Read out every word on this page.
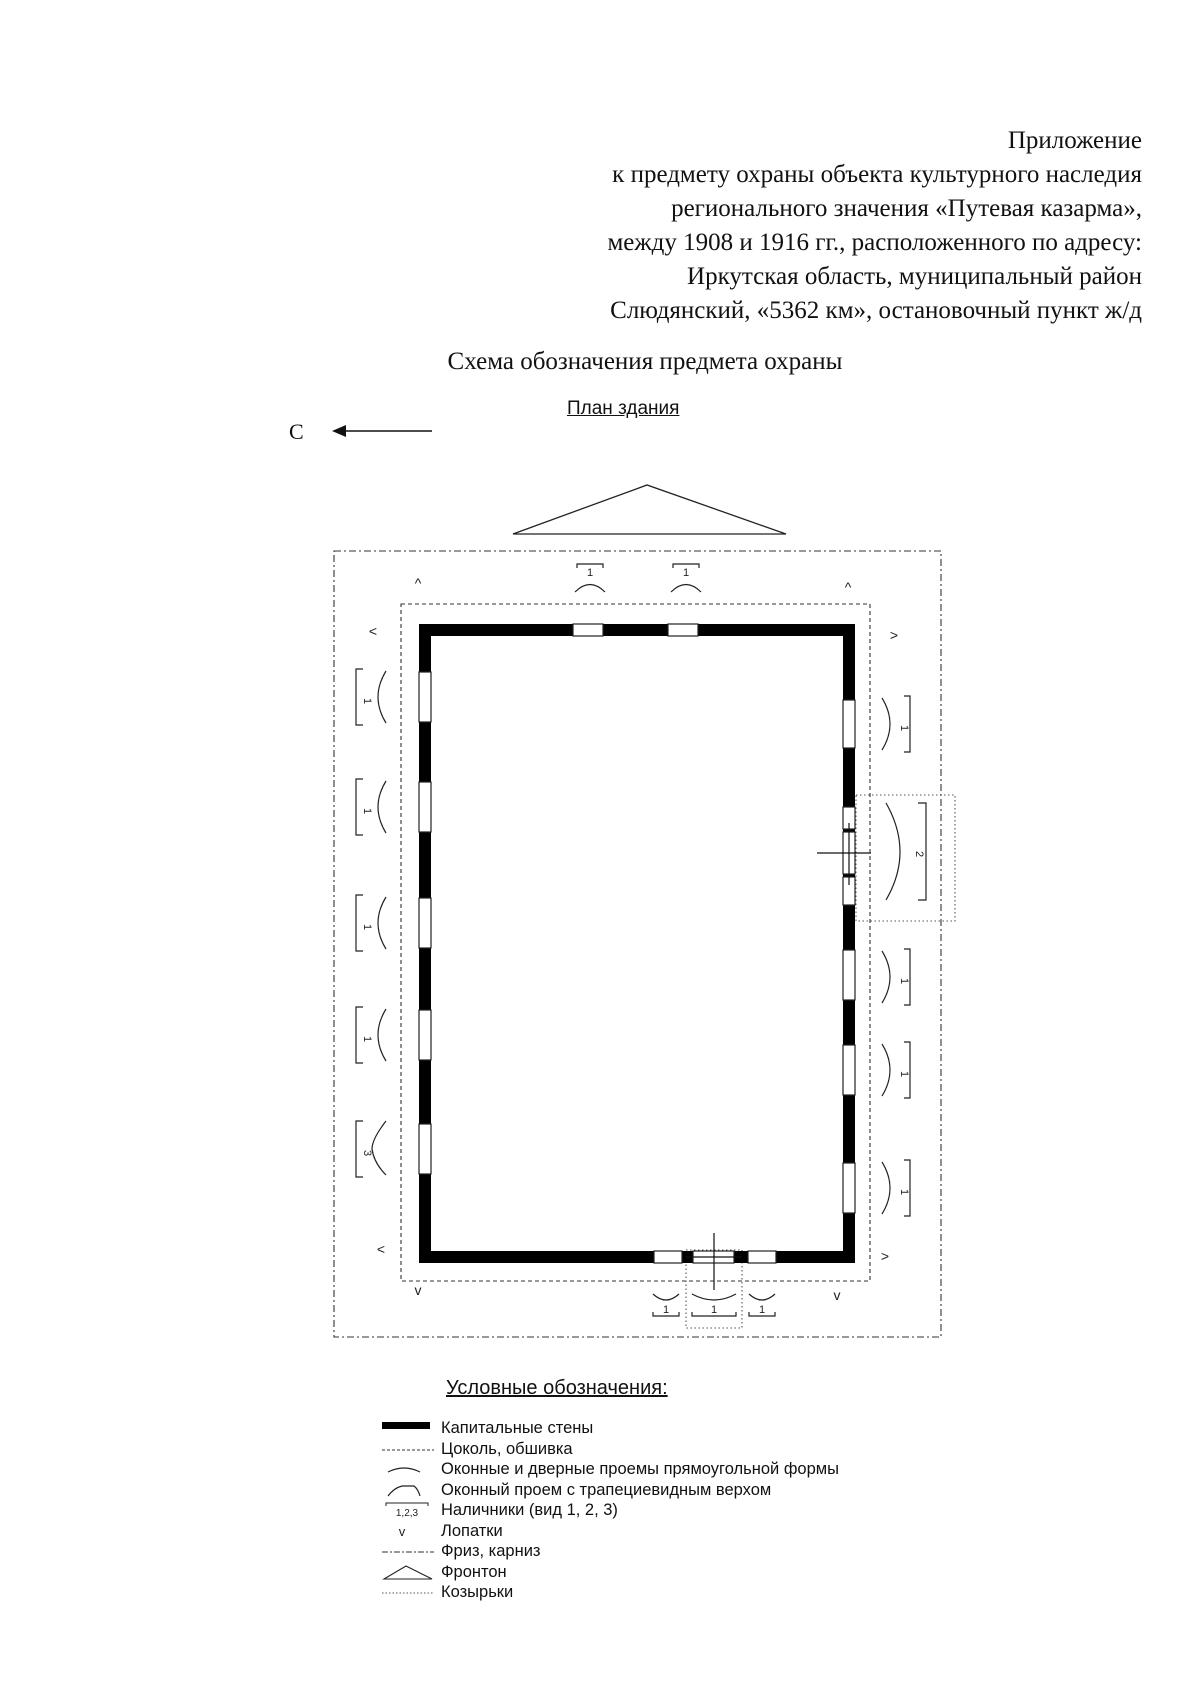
Приложение
к предмету охраны объекта культурного наследия
регионального значения «Путевая казарма»,
между 1908 и 1916 гг., расположенного по адресу:
Иркутская область, муниципальный район
Слюдянский, «5362 км», остановочный пункт ж/д
Схема обозначения предмета охраны
План здания
С
1
1
1
1
3
1
1
1
1
2
1	1
1	1	1
^	^
<	>
<	>
v	v
Условные обозначения:
Капитальные стены
Цоколь, обшивка
Оконные и дверные проемы прямоугольной формы
Оконный проем с трапециевидным верхом
1,2,3 Наличники (вид 1, 2, 3)
v Лопатки
Фриз, карниз
Фронтон
Козырьки
